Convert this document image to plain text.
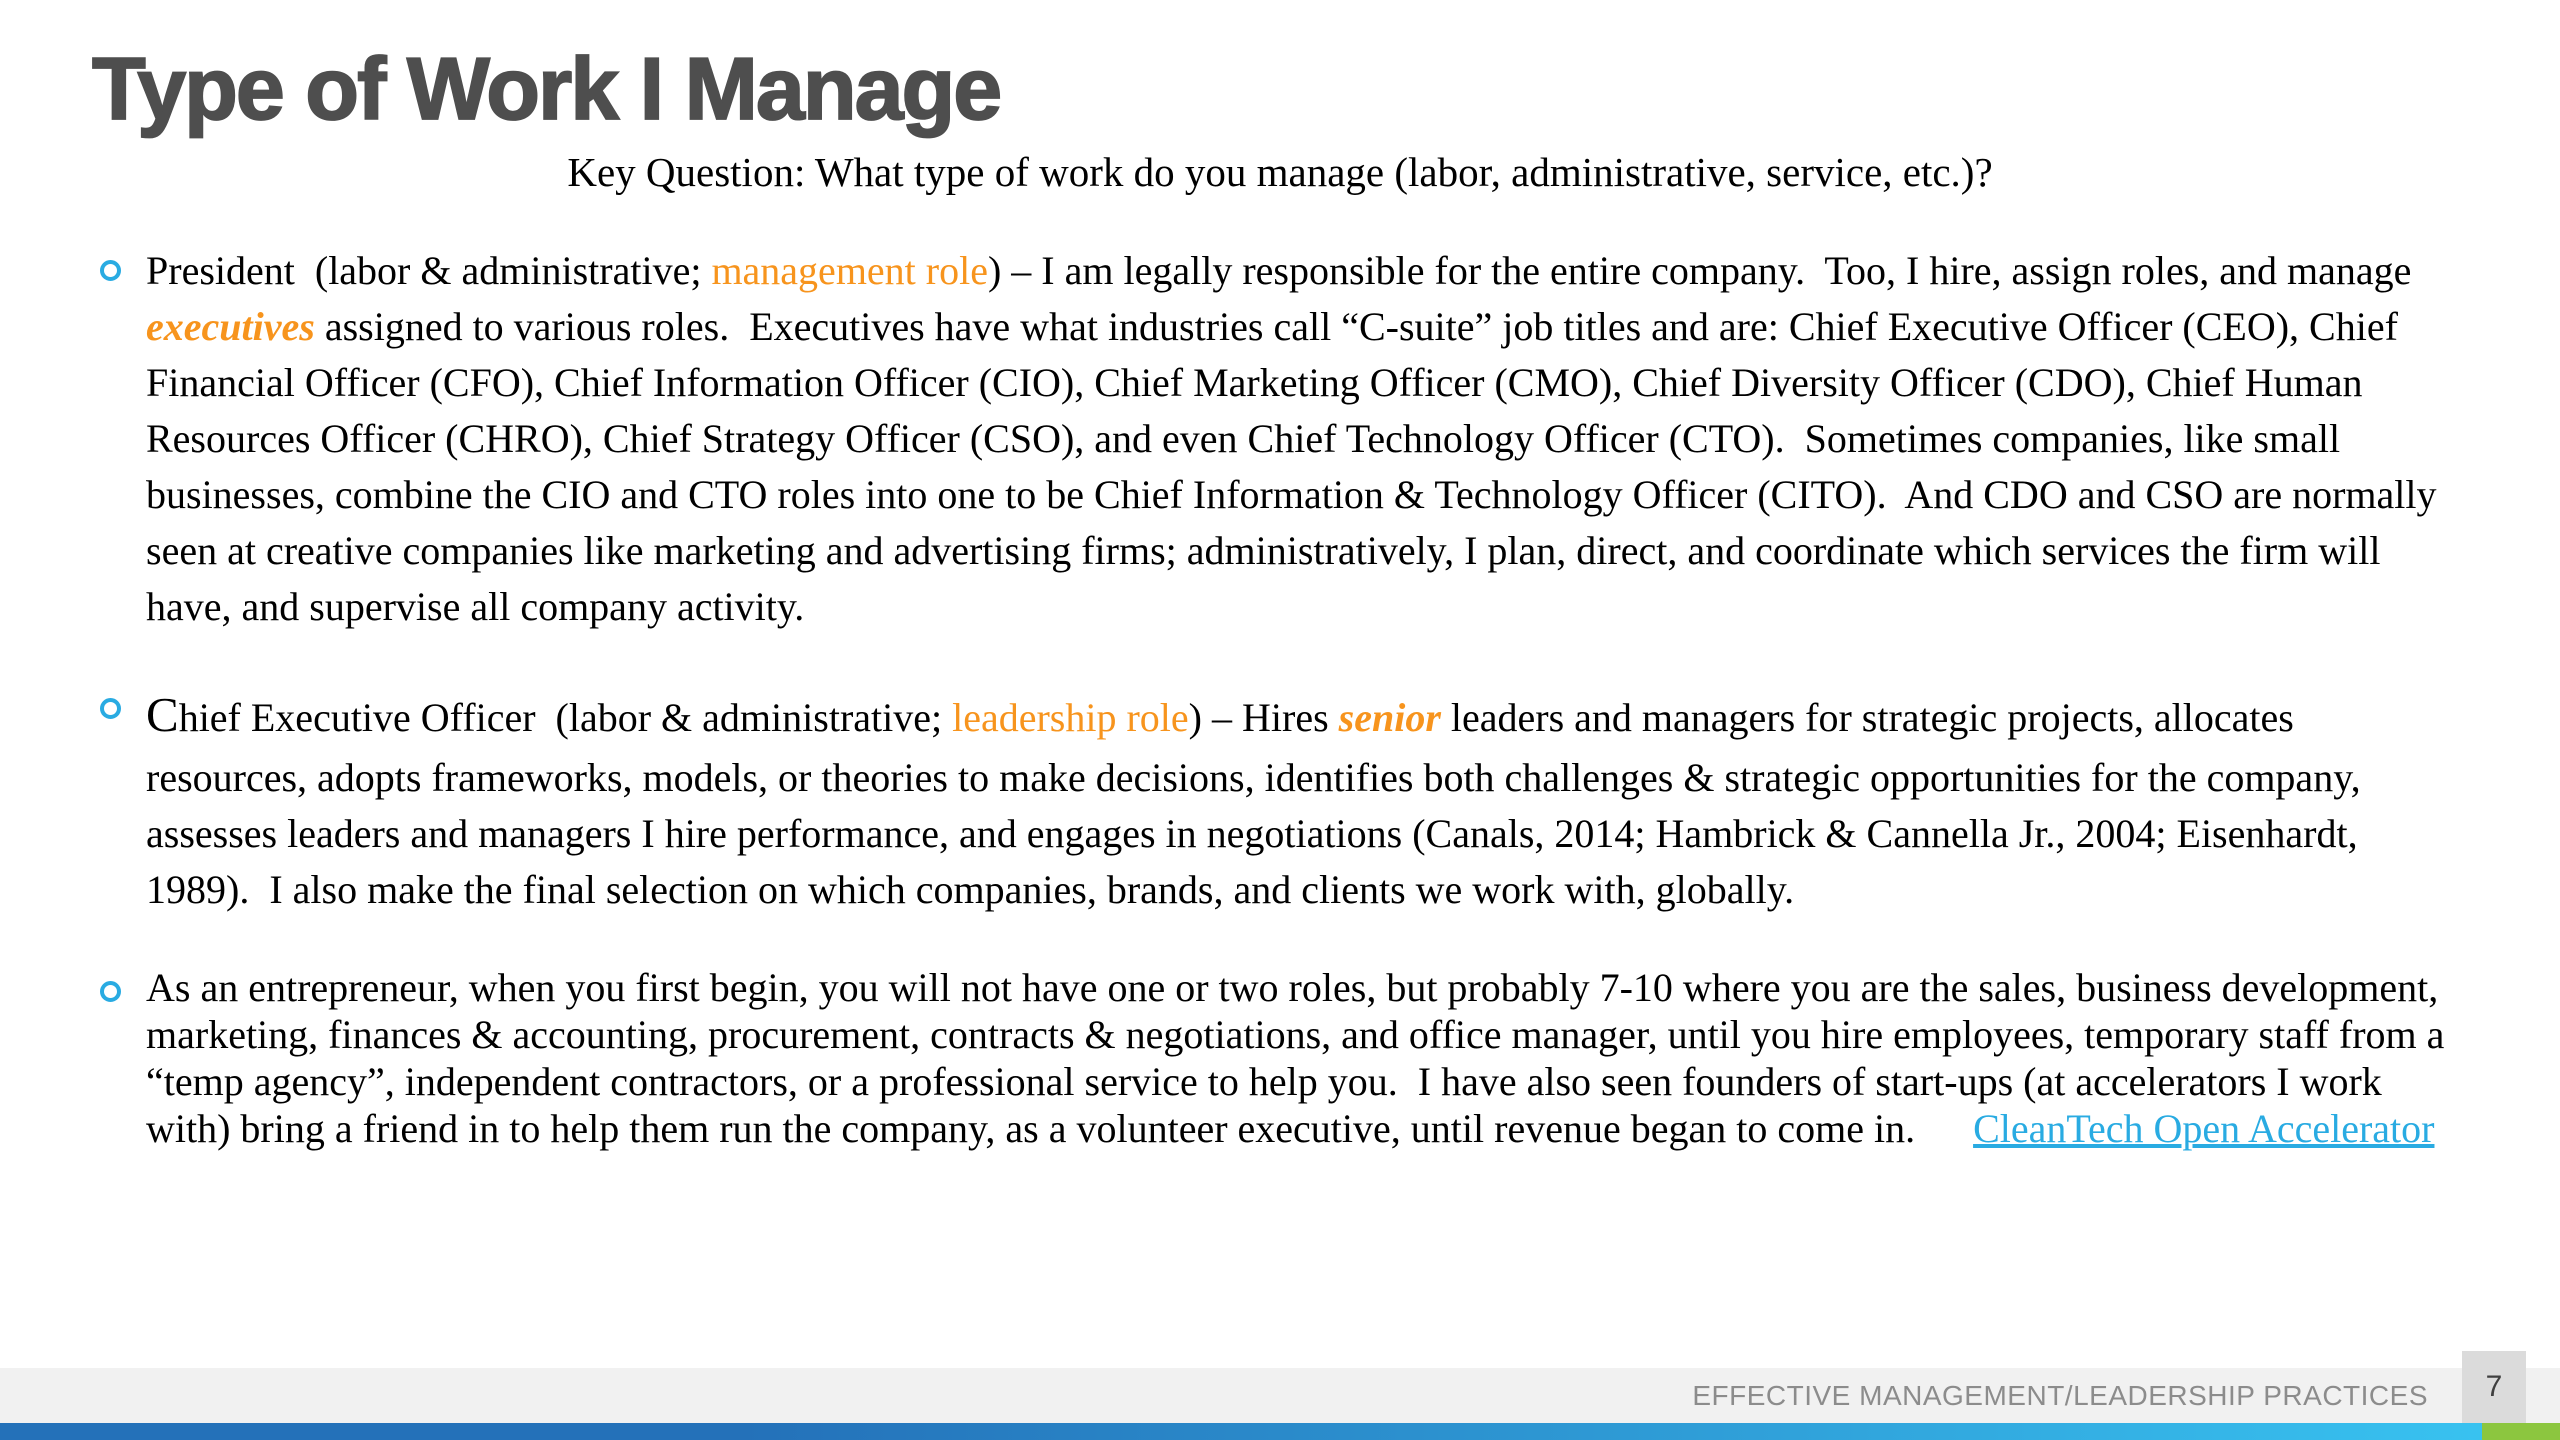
Type of Work I Manage
Key Question: What type of work do you manage (labor, administrative, service, etc.)?
President  (labor & administrative; management role) – I am legally responsible for the entire company.  Too, I hire, assign roles, and manage executives assigned to various roles.  Executives have what industries call “C-suite” job titles and are: Chief Executive Officer (CEO), Chief Financial Officer (CFO), Chief Information Officer (CIO), Chief Marketing Officer (CMO), Chief Diversity Officer (CDO), Chief Human Resources Officer (CHRO), Chief Strategy Officer (CSO), and even Chief Technology Officer (CTO).  Sometimes companies, like small businesses, combine the CIO and CTO roles into one to be Chief Information & Technology Officer (CITO).  And CDO and CSO are normally seen at creative companies like marketing and advertising firms; administratively, I plan, direct, and coordinate which services the firm will have, and supervise all company activity.
Chief Executive Officer  (labor & administrative; leadership role) – Hires senior leaders and managers for strategic projects, allocates resources, adopts frameworks, models, or theories to make decisions, identifies both challenges & strategic opportunities for the company, assesses leaders and managers I hire performance, and engages in negotiations (Canals, 2014; Hambrick & Cannella Jr., 2004; Eisenhardt, 1989).  I also make the final selection on which companies, brands, and clients we work with, globally.
As an entrepreneur, when you first begin, you will not have one or two roles, but probably 7-10 where you are the sales, business development, marketing, finances & accounting, procurement, contracts & negotiations, and office manager, until you hire employees, temporary staff from a “temp agency”, independent contractors, or a professional service to help you.  I have also seen founders of start-ups (at accelerators I work with) bring a friend in to help them run the company, as a volunteer executive, until revenue began to come in. CleanTech Open Accelerator
EFFECTIVE MANAGEMENT/LEADERSHIP PRACTICES	7
